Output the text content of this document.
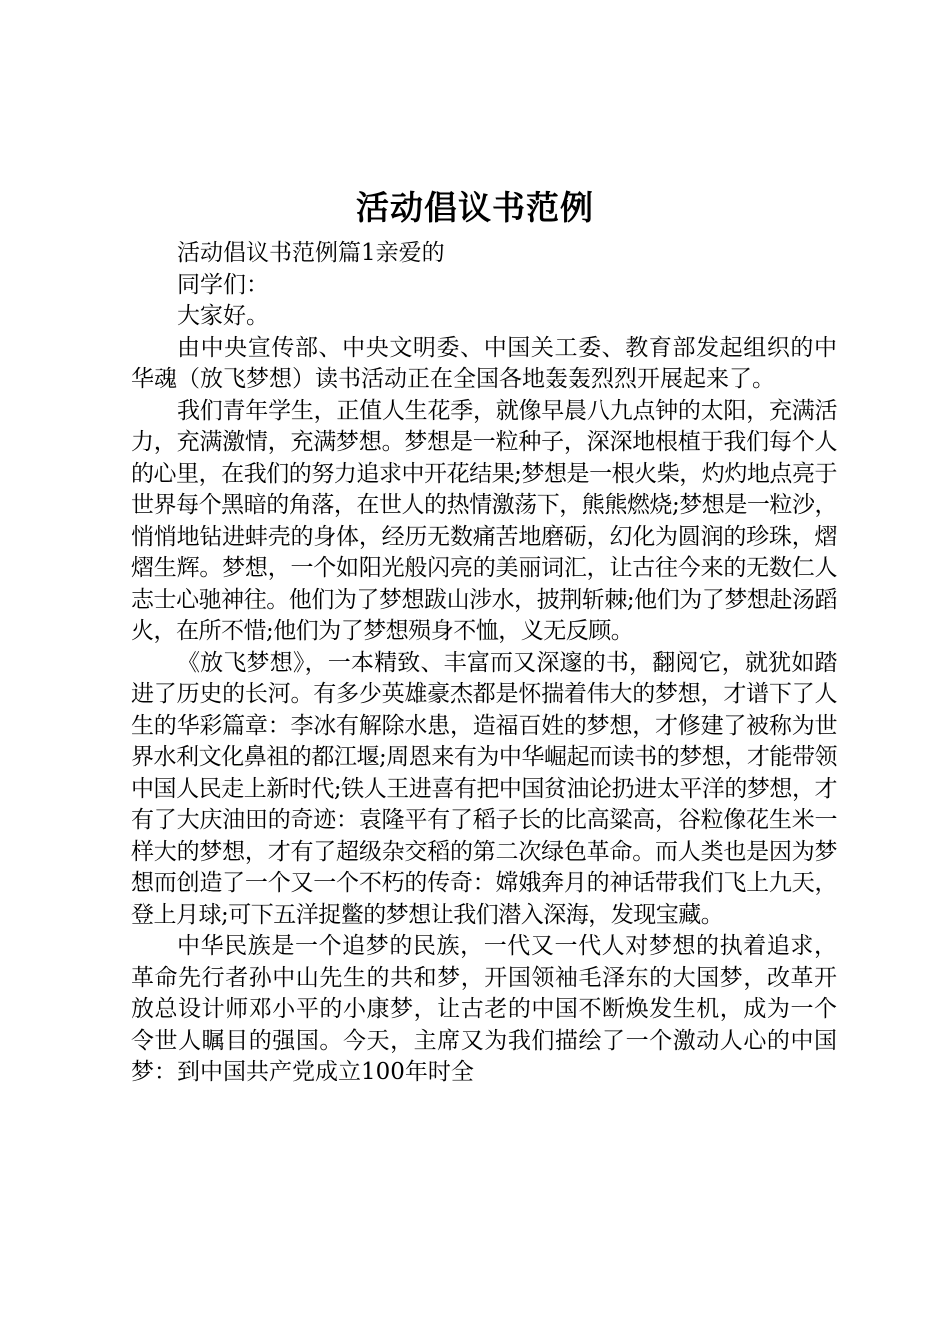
活动倡议书范例

活动倡议书范例篇1亲爱的

同学们：

大家好。

由中央宣传部、中央文明委、中国关工委、教育部发起组织的中华魂（放飞梦想）读书活动正在全国各地轰轰烈烈开展起来了。

我们青年学生，正值人生花季，就像早晨八九点钟的太阳，充满活力，充满激情，充满梦想。梦想是一粒种子，深深地根植于我们每个人的心里，在我们的努力追求中开花结果;梦想是一根火柴，灼灼地点亮于世界每个黑暗的角落，在世人的热情激荡下，熊熊燃烧;梦想是一粒沙，悄悄地钻进蚌壳的身体，经历无数痛苦地磨砺，幻化为圆润的珍珠，熠熠生辉。梦想，一个如阳光般闪亮的美丽词汇，让古往今来的无数仁人志士心驰神往。他们为了梦想跋山涉水，披荆斩棘;他们为了梦想赴汤蹈火，在所不惜;他们为了梦想殒身不恤，义无反顾。

《放飞梦想》，一本精致、丰富而又深邃的书，翻阅它，就犹如踏进了历史的长河。有多少英雄豪杰都是怀揣着伟大的梦想，才谱下了人生的华彩篇章：李冰有解除水患，造福百姓的梦想，才修建了被称为世界水利文化鼻祖的都江堰;周恩来有为中华崛起而读书的梦想，才能带领中国人民走上新时代;铁人王进喜有把中国贫油论扔进太平洋的梦想，才有了大庆油田的奇迹：袁隆平有了稻子长的比高粱高，谷粒像花生米一样大的梦想，才有了超级杂交稻的第二次绿色革命。而人类也是因为梦想而创造了一个又一个不朽的传奇：嫦娥奔月的神话带我们飞上九天，登上月球;可下五洋捉鳖的梦想让我们潜入深海，发现宝藏。

中华民族是一个追梦的民族，一代又一代人对梦想的执着追求，革命先行者孙中山先生的共和梦，开国领袖毛泽东的大国梦，改革开放总设计师邓小平的小康梦，让古老的中国不断焕发生机，成为一个令世人瞩目的强国。今天，主席又为我们描绘了一个激动人心的中国梦：到中国共产党成立100年时全
